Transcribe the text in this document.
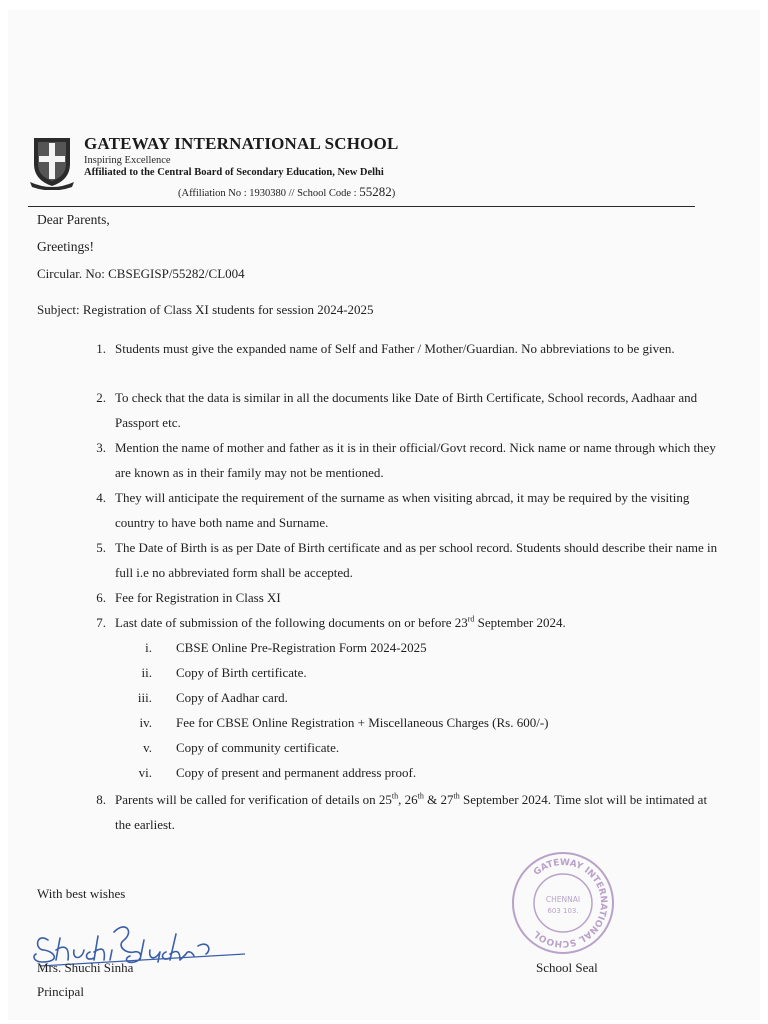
GATEWAY INTERNATIONAL SCHOOL
Inspiring Excellence
Affiliated to the Central Board of Secondary Education, New Delhi
(Affiliation No : 1930380 // School Code : 55282)
Dear Parents,
Greetings!
Circular. No: CBSEGISP/55282/CL004
Subject: Registration of Class XI students for session 2024-2025
1. Students must give the expanded name of Self and Father / Mother/Guardian. No abbreviations to be given.
2. To check that the data is similar in all the documents like Date of Birth Certificate, School records, Aadhaar and Passport etc.
3. Mention the name of mother and father as it is in their official/Govt record. Nick name or name through which they are known as in their family may not be mentioned.
4. They will anticipate the requirement of the surname as when visiting abrcad, it may be required by the visiting country to have both name and Surname.
5. The Date of Birth is as per Date of Birth certificate and as per school record. Students should describe their name in full i.e no abbreviated form shall be accepted.
6. Fee for Registration in Class XI
7. Last date of submission of the following documents on or before 23rd September 2024.
i. CBSE Online Pre-Registration Form 2024-2025
ii. Copy of Birth certificate.
iii. Copy of Aadhar card.
iv. Fee for CBSE Online Registration + Miscellaneous Charges (Rs. 600/-)
v. Copy of community certificate.
vi. Copy of present and permanent address proof.
8. Parents will be called for verification of details on 25th, 26th & 27th September 2024. Time slot will be intimated at the earliest.
With best wishes
Mrs. Shuchi Sinha
Principal
GATEWAY INTERNATIONAL SCHOOL
CHENNAI
603 103.
School Seal
